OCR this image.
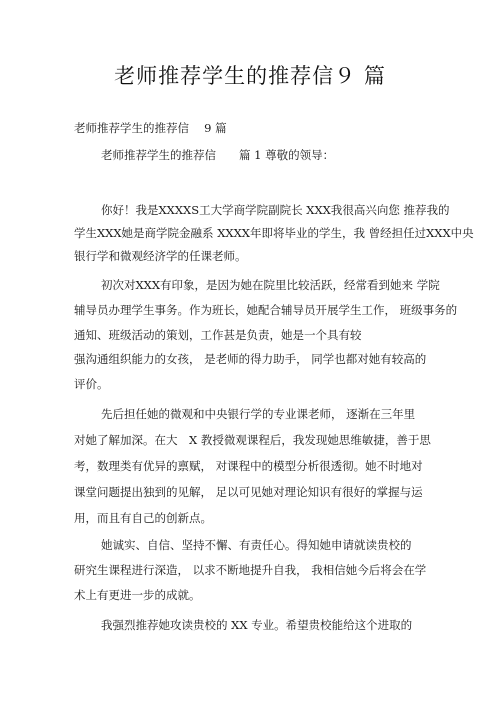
老师推荐学生的推荐信９ 篇
老师推荐学生的推荐信　 9 篇
老师推荐学生的推荐信　　篇 1 尊敬的领导：
你好！我是XXXXS工大学商学院副院长 XXX我很高兴向您 推荐我的
学生XXX她是商学院金融系 XXXX年即将毕业的学生，我 曾经担任过XXX中央
银行学和微观经济学的任课老师。
初次对XXX有印象，是因为她在院里比较活跃，经常看到她来 学院
辅导员办理学生事务。作为班长，她配合辅导员开展学生工作， 班级事务的
通知、班级活动的策划，工作甚是负责，她是一个具有较
强沟通组织能力的女孩， 是老师的得力助手， 同学也都对她有较高的
评价。
先后担任她的微观和中央银行学的专业课老师， 逐渐在三年里
对她了解加深。在大　X 教授微观课程后，我发现她思维敏捷，善于思
考，数理类有优异的禀赋， 对课程中的模型分析很透彻。她不时地对
课堂问题提出独到的见解， 足以可见她对理论知识有很好的掌握与运
用，而且有自己的创新点。
她诚实、自信、坚持不懈、有责任心。得知她申请就读贵校的
研究生课程进行深造， 以求不断地提升自我， 我相信她今后将会在学
术上有更进一步的成就。
我强烈推荐她攻读贵校的 XX 专业。希望贵校能给这个进取的
